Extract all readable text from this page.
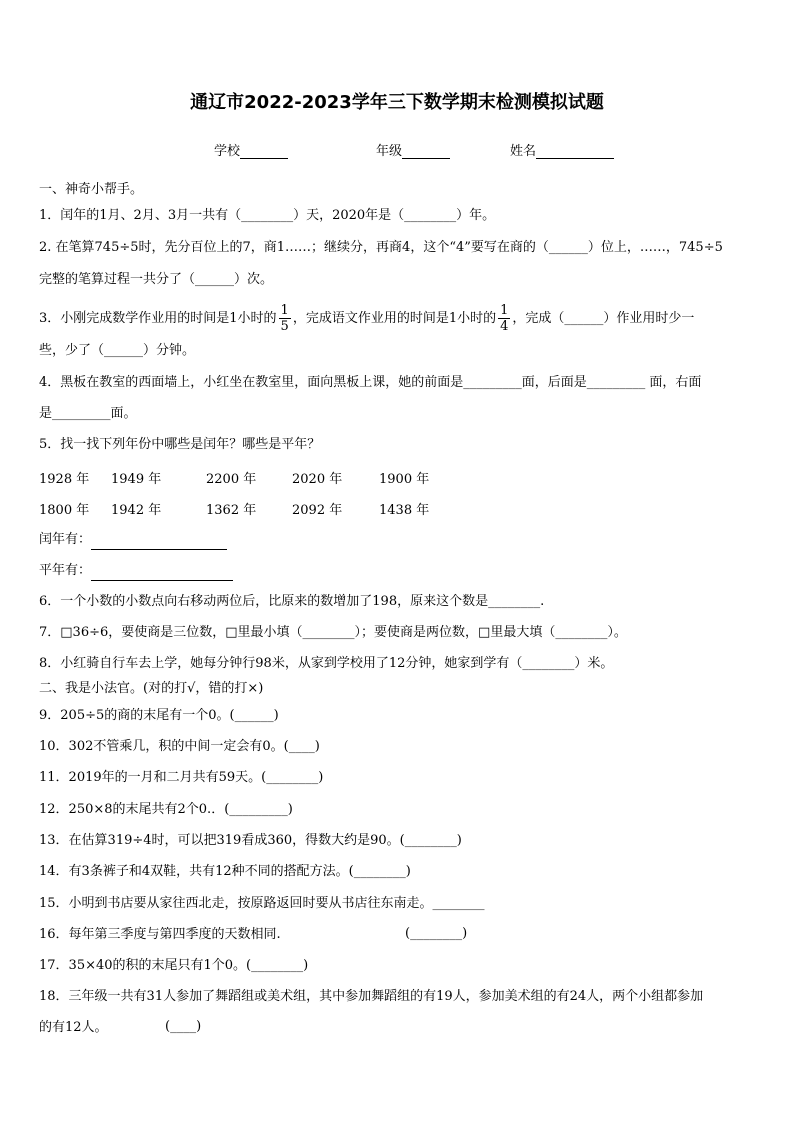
通辽市2022-2023学年三下数学期末检测模拟试题
学校	年级	姓名
一、神奇小帮手。
1．闰年的1月、2月、3月一共有（________）天，2020年是（________）年。
2. 在笔算745÷5时，先分百位上的7，商1……；继续分，再商4，这个“4”要写在商的（______）位上，……，745÷5
完整的笔算过程一共分了（______）次。
3．小刚完成数学作业用的时间是1小时的 $\frac{1}{5}$ ，完成语文作业用的时间是1小时的 $\frac{1}{4}$ ，完成（______）作业用时少一
些，少了（______）分钟。
4．黑板在教室的西面墙上，小红坐在教室里，面向黑板上课，她的前面是_________面，后面是_________ 面，右面
是_________面。
5．找一找下列年份中哪些是闰年？哪些是平年？
1928 年 1949 年	2200 年	2020 年	1900 年
1800 年 1942 年	1362 年	2092 年	1438 年
闰年有：
平年有：
6．一个小数的小数点向右移动两位后，比原来的数增加了198，原来这个数是________.
7．□36÷6，要使商是三位数，□里最小填（________）；要使商是两位数，□里最大填（________）。
8．小红骑自行车去上学，她每分钟行98米，从家到学校用了12分钟，她家到学有（________）米。
二、我是小法官。(对的打√，错的打×)
9．205÷5的商的末尾有一个0。(______)
10．302不管乘几，积的中间一定会有0。(____)
11．2019年的一月和二月共有59天。(________)
12．250×8的末尾共有2个0.．(_________)
13．在估算319÷4时，可以把319看成360，得数大约是90。(________)
14．有3条裤子和4双鞋，共有12种不同的搭配方法。(________)
15．小明到书店要从家往西北走，按原路返回时要从书店往东南走。________
16．每年第三季度与第四季度的天数相同.	(________)
17．35×40的积的末尾只有1个0。(________)
18．三年级一共有31人参加了舞蹈组或美术组，其中参加舞蹈组的有19人，参加美术组的有24人，两个小组都参加
的有12人。	(____)
